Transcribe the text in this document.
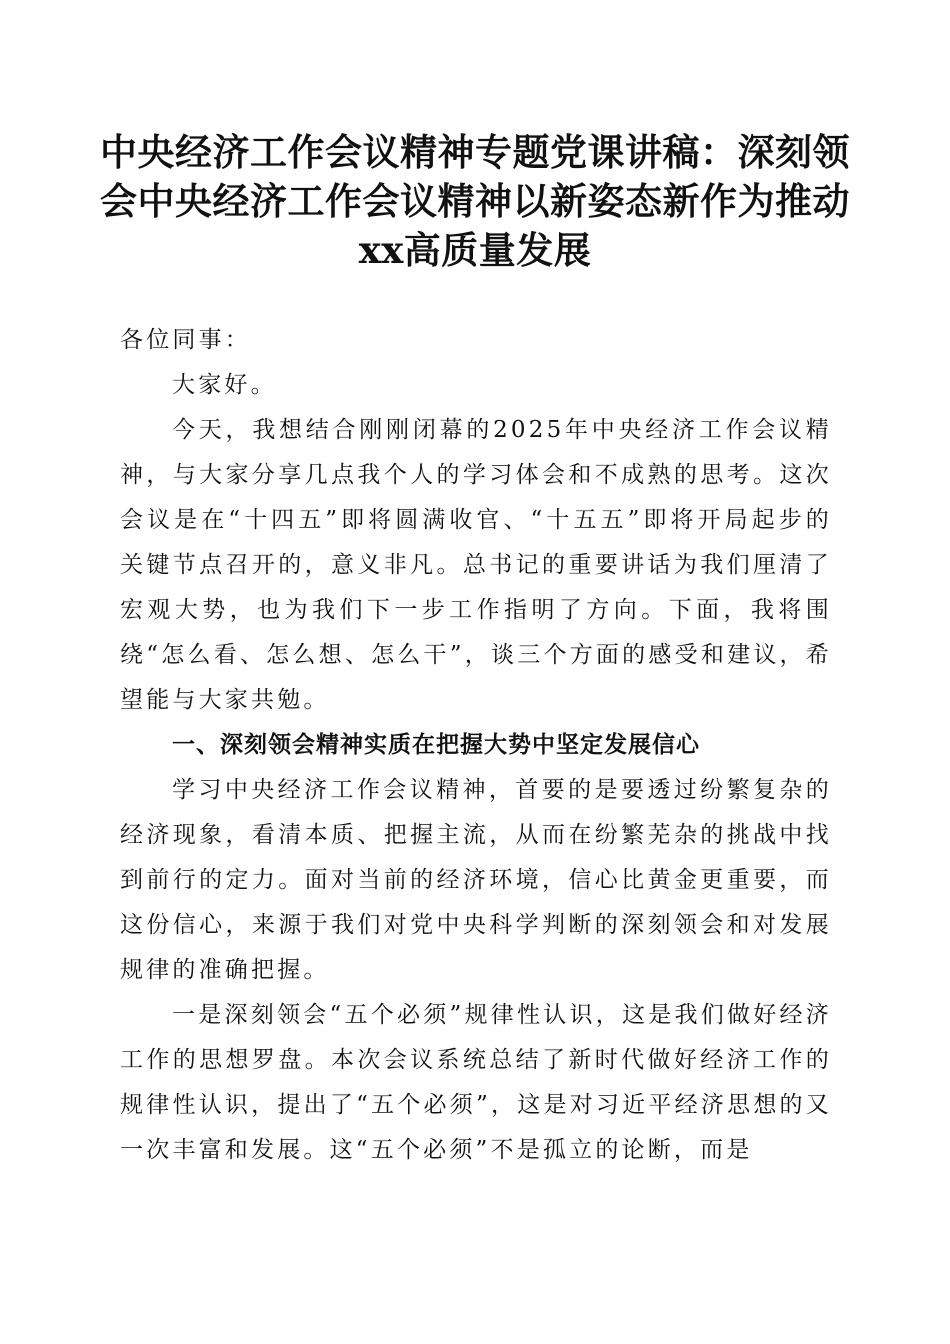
中央经济工作会议精神专题党课讲稿：深刻领
会中央经济工作会议精神以新姿态新作为推动
xx高质量发展

各位同事：

大家好。

今天，我想结合刚刚闭幕的2025年中央经济工作会议精神，与大家分享几点我个人的学习体会和不成熟的思考。这次会议是在“十四五”即将圆满收官、“十五五”即将开局起步的关键节点召开的，意义非凡。总书记的重要讲话为我们厘清了宏观大势，也为我们下一步工作指明了方向。下面，我将围绕“怎么看、怎么想、怎么干”，谈三个方面的感受和建议，希望能与大家共勉。

一、深刻领会精神实质在把握大势中坚定发展信心

学习中央经济工作会议精神，首要的是要透过纷繁复杂的经济现象，看清本质、把握主流，从而在纷繁芜杂的挑战中找到前行的定力。面对当前的经济环境，信心比黄金更重要，而这份信心，来源于我们对党中央科学判断的深刻领会和对发展规律的准确把握。

一是深刻领会“五个必须”规律性认识，这是我们做好经济工作的思想罗盘。本次会议系统总结了新时代做好经济工作的规律性认识，提出了“五个必须”，这是对习近平经济思想的又一次丰富和发展。这“五个必须”不是孤立的论断，而是
